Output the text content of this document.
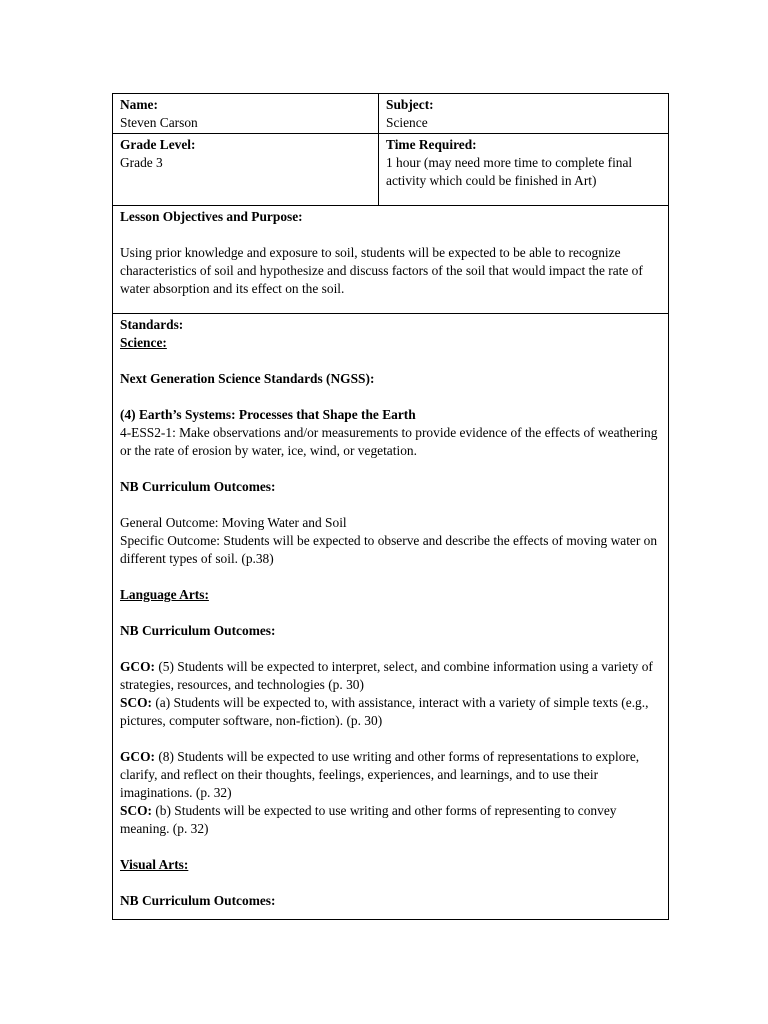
Name:

Steven Carson

Subject:

Science

Grade Level:

Grade 3

Time Required:

1 hour (may need more time to complete final activity which could be finished in Art)

Lesson Objectives and Purpose:

Using prior knowledge and exposure to soil, students will be expected to be able to recognize characteristics of soil and hypothesize and discuss factors of the soil that would impact the rate of water absorption and its effect on the soil.

Standards:

Science:

Next Generation Science Standards (NGSS):

(4) Earth’s Systems: Processes that Shape the Earth

4-ESS2-1: Make observations and/or measurements to provide evidence of the effects of weathering or the rate of erosion by water, ice, wind, or vegetation.

NB Curriculum Outcomes:

General Outcome: Moving Water and Soil

Specific Outcome: Students will be expected to observe and describe the effects of moving water on different types of soil. (p.38)

Language Arts:

NB Curriculum Outcomes:

GCO: (5) Students will be expected to interpret, select, and combine information using a variety of strategies, resources, and technologies (p. 30)

SCO: (a) Students will be expected to, with assistance, interact with a variety of simple texts (e.g., pictures, computer software, non-fiction). (p. 30)

GCO: (8) Students will be expected to use writing and other forms of representations to explore, clarify, and reflect on their thoughts, feelings, experiences, and learnings, and to use their imaginations. (p. 32)

SCO: (b) Students will be expected to use writing and other forms of representing to convey meaning. (p. 32)

Visual Arts:

NB Curriculum Outcomes:
